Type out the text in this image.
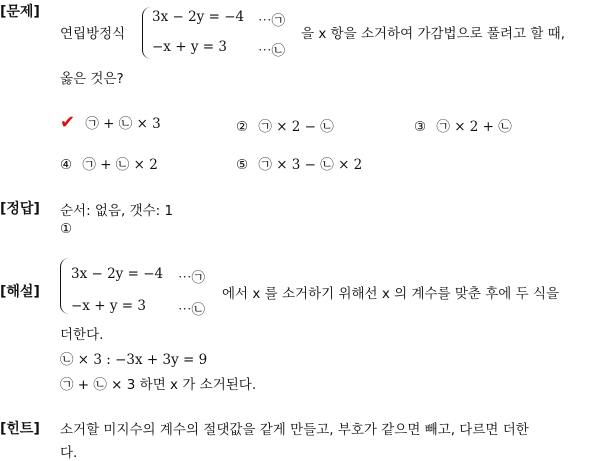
[문제]
연립방정식
3x − 2y = −4 ⋯㉠
−x + y = 3 ⋯㉡
을 x 항을 소거하여 가감법으로 풀려고 할 때,
옳은 것은?
✔ ㉠ + ㉡ × 3	② ㉠ × 2 − ㉡	③ ㉠ × 2 + ㉡
④ ㉠ + ㉡ × 2	⑤ ㉠ × 3 − ㉡ × 2
[정답] 순서: 없음, 갯수: 1
①
[해설]
3x − 2y = −4 ⋯㉠
−x + y = 3 ⋯㉡
에서 x 를 소거하기 위해선 x 의 계수를 맞춘 후에 두 식을
더한다.
㉡ × 3 : −3x + 3y = 9
㉠ + ㉡ × 3 하면 x 가 소거된다.
[힌트] 소거할 미지수의 계수의 절댓값을 같게 만들고, 부호가 같으면 빼고, 다르면 더한
다.
